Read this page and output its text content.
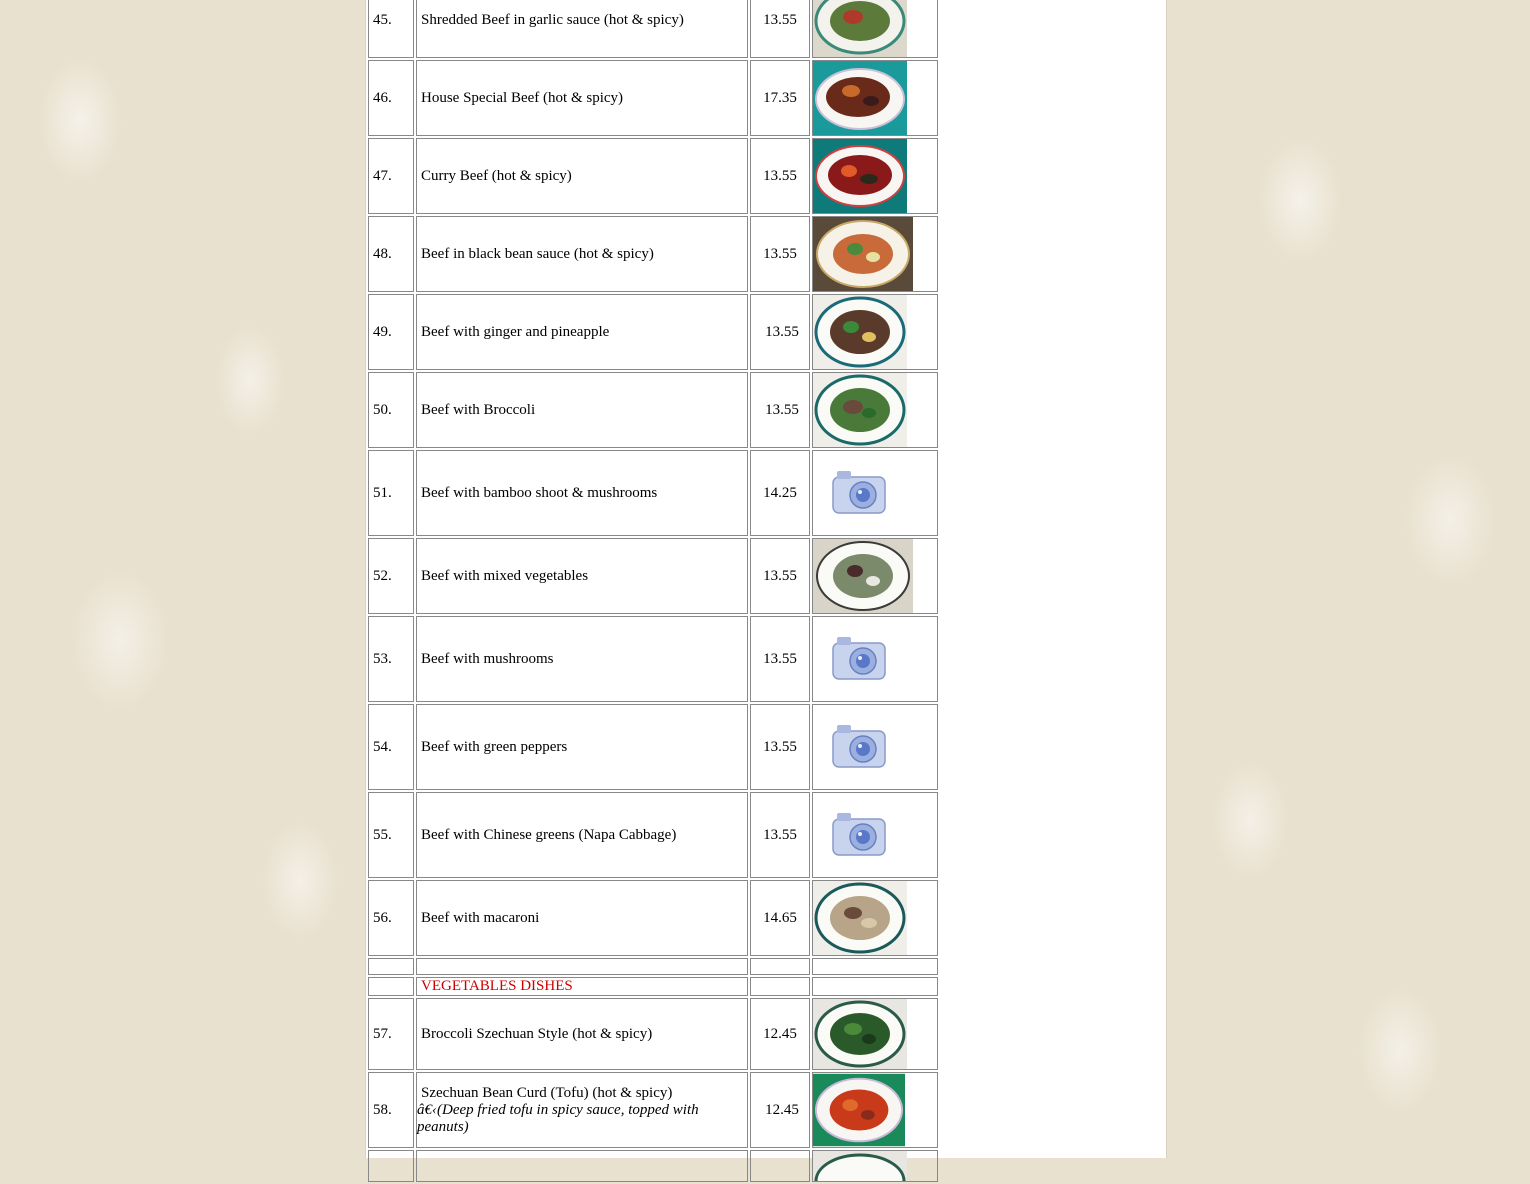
45.	Shredded Beef in garlic sauce (hot & spicy)	13.55	

46.	House Special Beef (hot & spicy)	17.35	

47.	Curry Beef (hot & spicy)	13.55	

48.	Beef in black bean sauce (hot & spicy)	13.55	

49.	Beef with ginger and pineapple	13.55	

50.	Beef with Broccoli	13.55	

51.	Beef with bamboo shoot & mushrooms	14.25	

52.	Beef with mixed vegetables	13.55	

53.	Beef with mushrooms	13.55	

54.	Beef with green peppers	13.55	

55.	Beef with Chinese greens (Napa Cabbage)	13.55	

56.	Beef with macaroni	14.65	

	VEGETABLES DISHES		
57.	Broccoli Szechuan Style (hot & spicy)	12.45	

58.	Szechuan Bean Curd (Tofu) (hot & spicy)
â€‹(Deep fried tofu in spicy sauce, topped with peanuts)	12.45	
